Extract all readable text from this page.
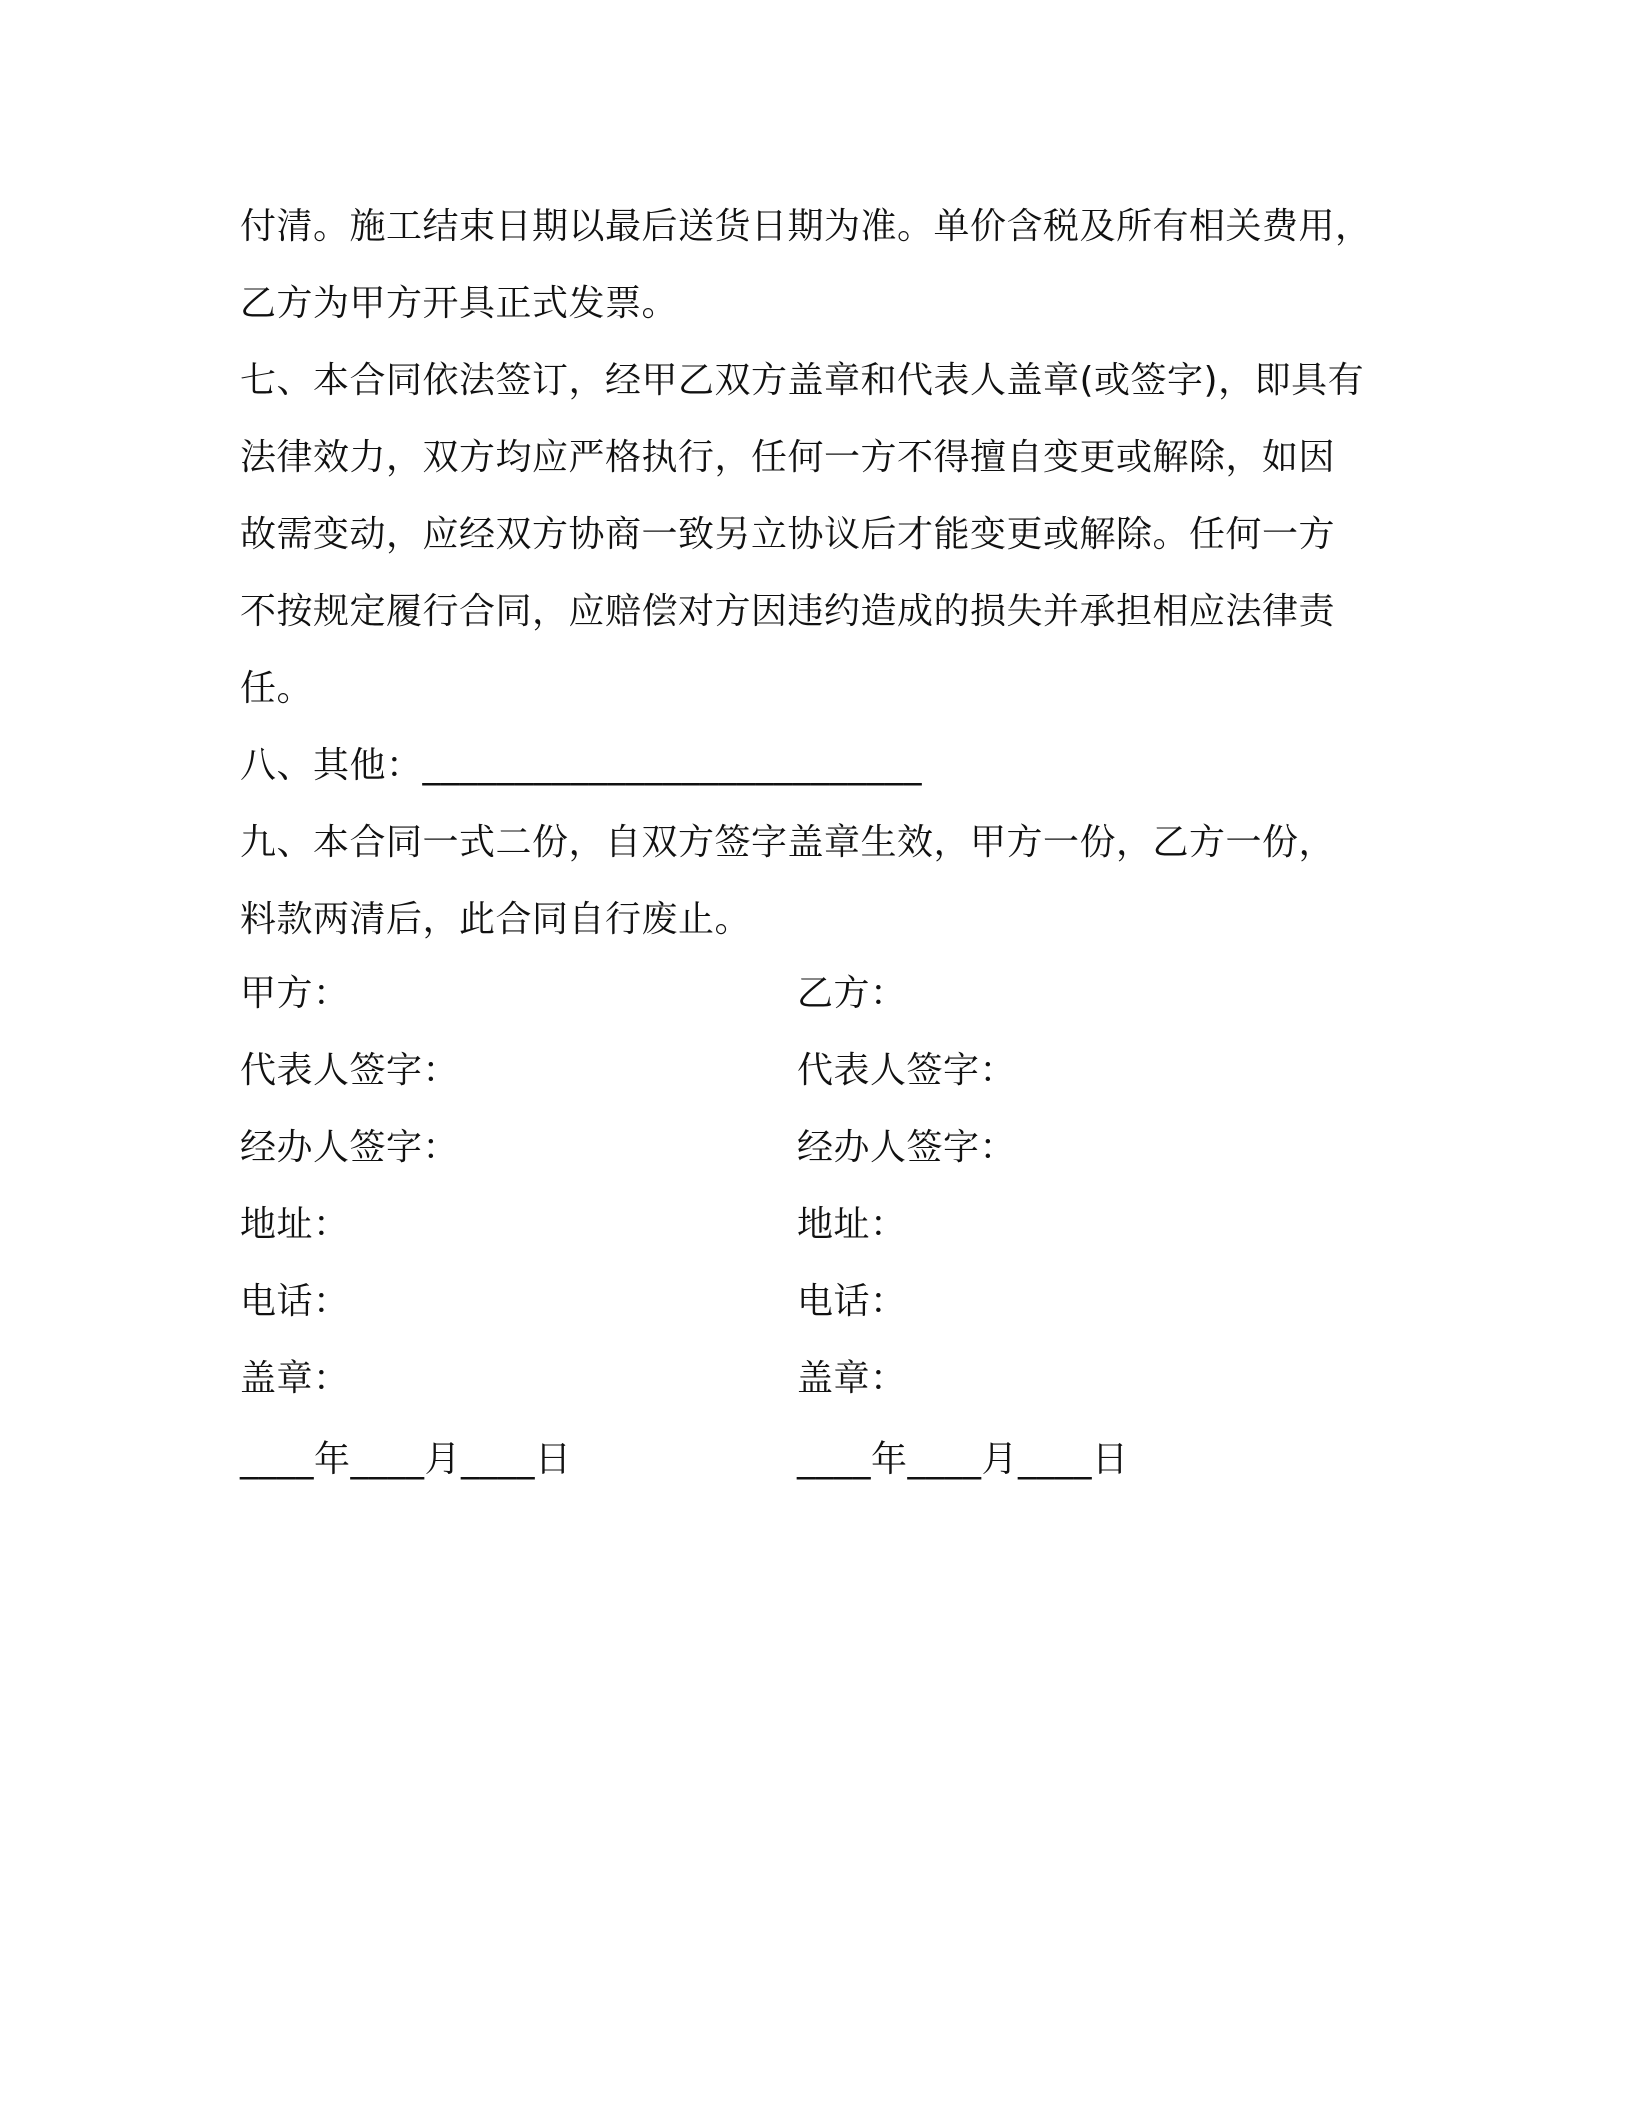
付清。施工结束日期以最后送货日期为准。单价含税及所有相关费用，

乙方为甲方开具正式发票。

七、本合同依法签订，经甲乙双方盖章和代表人盖章(或签字)，即具有

法律效力，双方均应严格执行，任何一方不得擅自变更或解除，如因

故需变动，应经双方协商一致另立协议后才能变更或解除。任何一方

不按规定履行合同，应赔偿对方因违约造成的损失并承担相应法律责

任。

八、其他：___________________________

九、本合同一式二份，自双方签字盖章生效，甲方一份，乙方一份，

料款两清后，此合同自行废止。

甲方：	乙方：
代表人签字：	代表人签字：
经办人签字：	经办人签字：
地址：	地址：
电话：	电话：
盖章：	盖章：
____年____月____日	____年____月____日
